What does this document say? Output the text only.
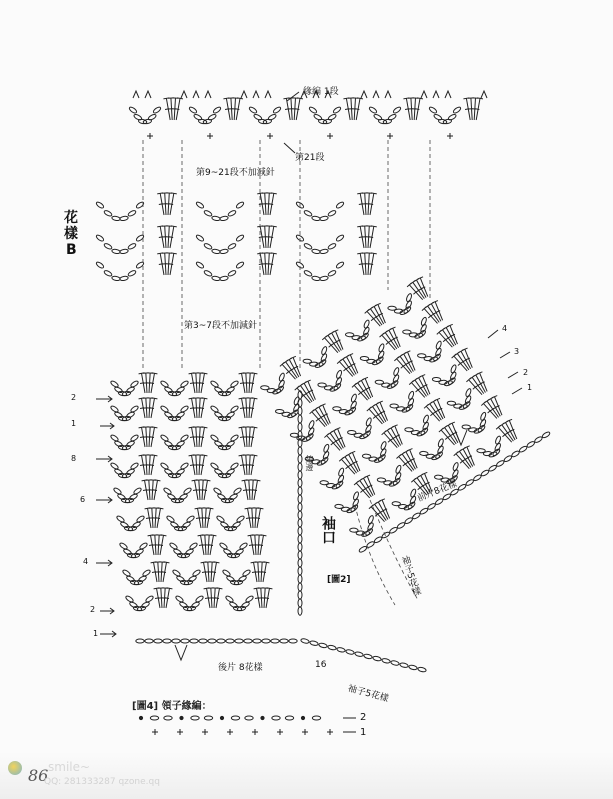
花
樣
B
緣編 1段
第21段
第9~21段不加減針
第3~7段不加減針
編邊
前片8花樣
袖子5花樣
後片 8花樣
袖子5花樣
袖口
[圖2]
16
2
1
8
6
4
2
1
4
3
2
1
[圖4] 領子緣編：
2
1
86 smile~
QQ: 281333287 qzone.qq
